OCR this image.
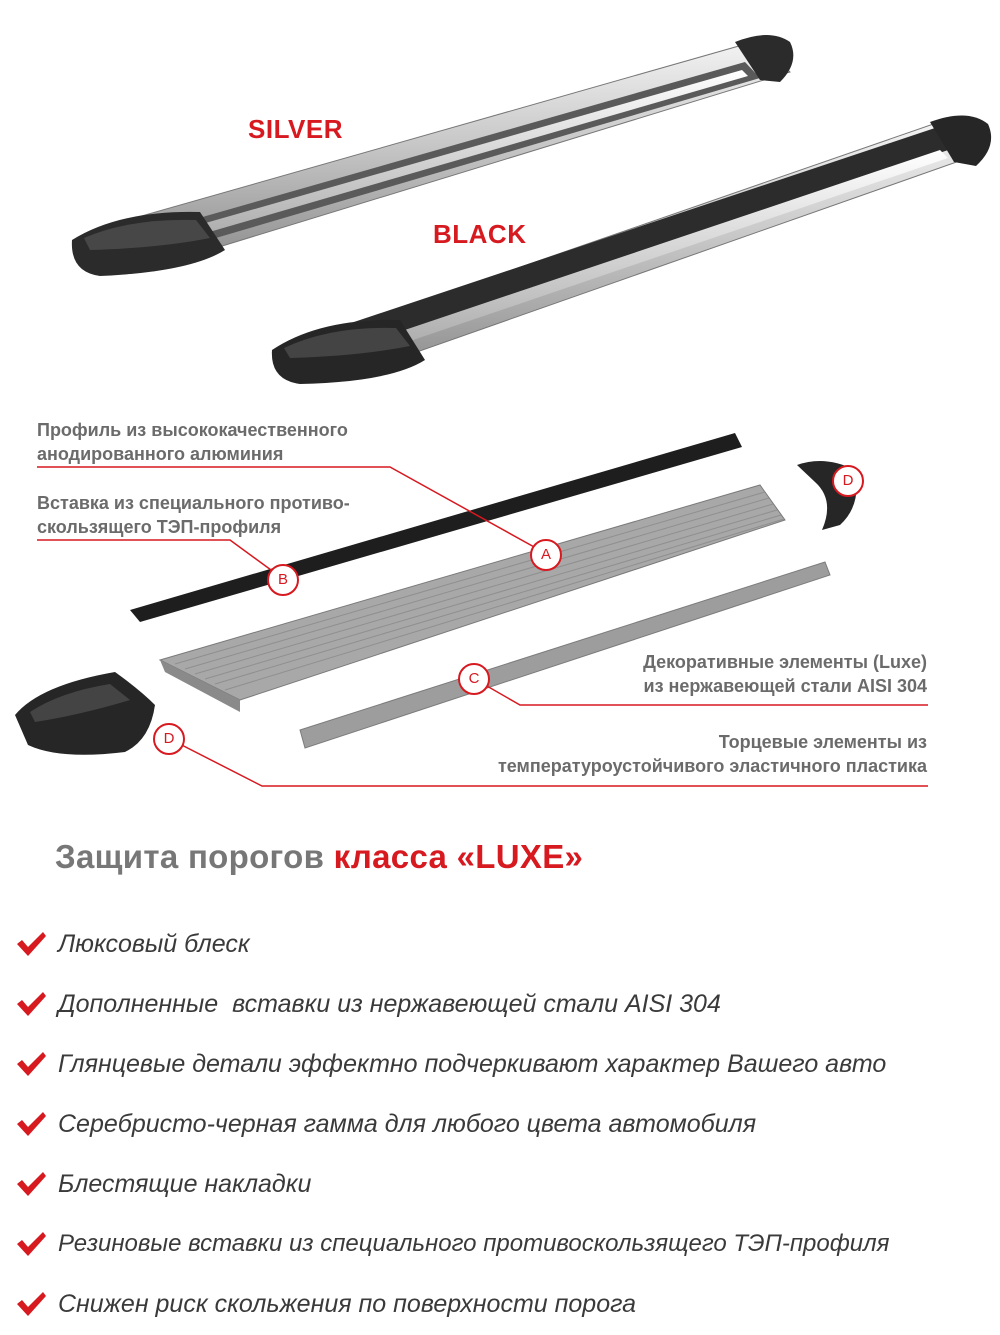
SILVER
BLACK
A
B
C
D
D
Профиль из высококачественного
анодированного алюминия
Вставка из специального противо-
скользящего ТЭП-профиля
Декоративные элементы (Luxe)
из нержавеющей стали AISI 304
Торцевые элементы из
температуроустойчивого эластичного пластика
Защита порогов класса «LUXE»
Люксовый блеск
Дополненные  вставки из нержавеющей стали AISI 304
Глянцевые детали эффектно подчеркивают характер Вашего авто
Серебристо-черная гамма для любого цвета автомобиля
Блестящие накладки
Резиновые вставки из специального противоскользящего ТЭП-профиля
Снижен риск скольжения по поверхности порога
